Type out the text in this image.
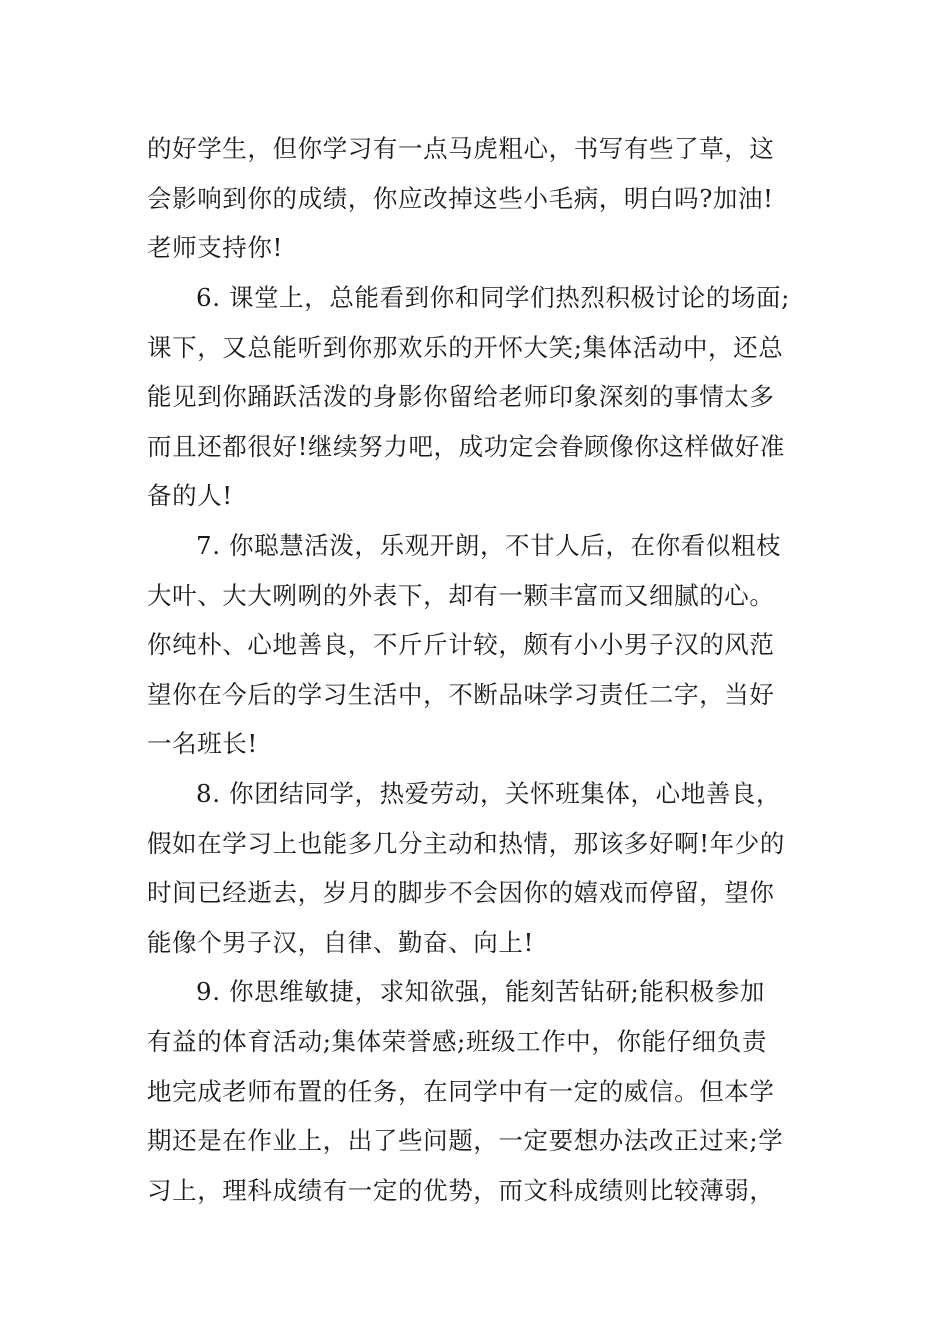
的好学生，但你学习有一点马虎粗心，书写有些了草，这
会影响到你的成绩，你应改掉这些小毛病，明白吗?加油!
老师支持你!
6. 课堂上，总能看到你和同学们热烈积极讨论的场面;
课下，又总能听到你那欢乐的开怀大笑;集体活动中，还总
能见到你踊跃活泼的身影你留给老师印象深刻的事情太多
而且还都很好!继续努力吧，成功定会眷顾像你这样做好准
备的人!
7. 你聪慧活泼，乐观开朗，不甘人后，在你看似粗枝
大叶、大大咧咧的外表下，却有一颗丰富而又细腻的心。
你纯朴、心地善良，不斤斤计较，颇有小小男子汉的风范
望你在今后的学习生活中，不断品味学习责任二字，当好
一名班长!
8. 你团结同学，热爱劳动，关怀班集体，心地善良，
假如在学习上也能多几分主动和热情，那该多好啊!年少的
时间已经逝去，岁月的脚步不会因你的嬉戏而停留，望你
能像个男子汉，自律、勤奋、向上!
9. 你思维敏捷，求知欲强，能刻苦钻研;能积极参加
有益的体育活动;集体荣誉感;班级工作中，你能仔细负责
地完成老师布置的任务，在同学中有一定的威信。但本学
期还是在作业上，出了些问题，一定要想办法改正过来;学
习上，理科成绩有一定的优势，而文科成绩则比较薄弱，
